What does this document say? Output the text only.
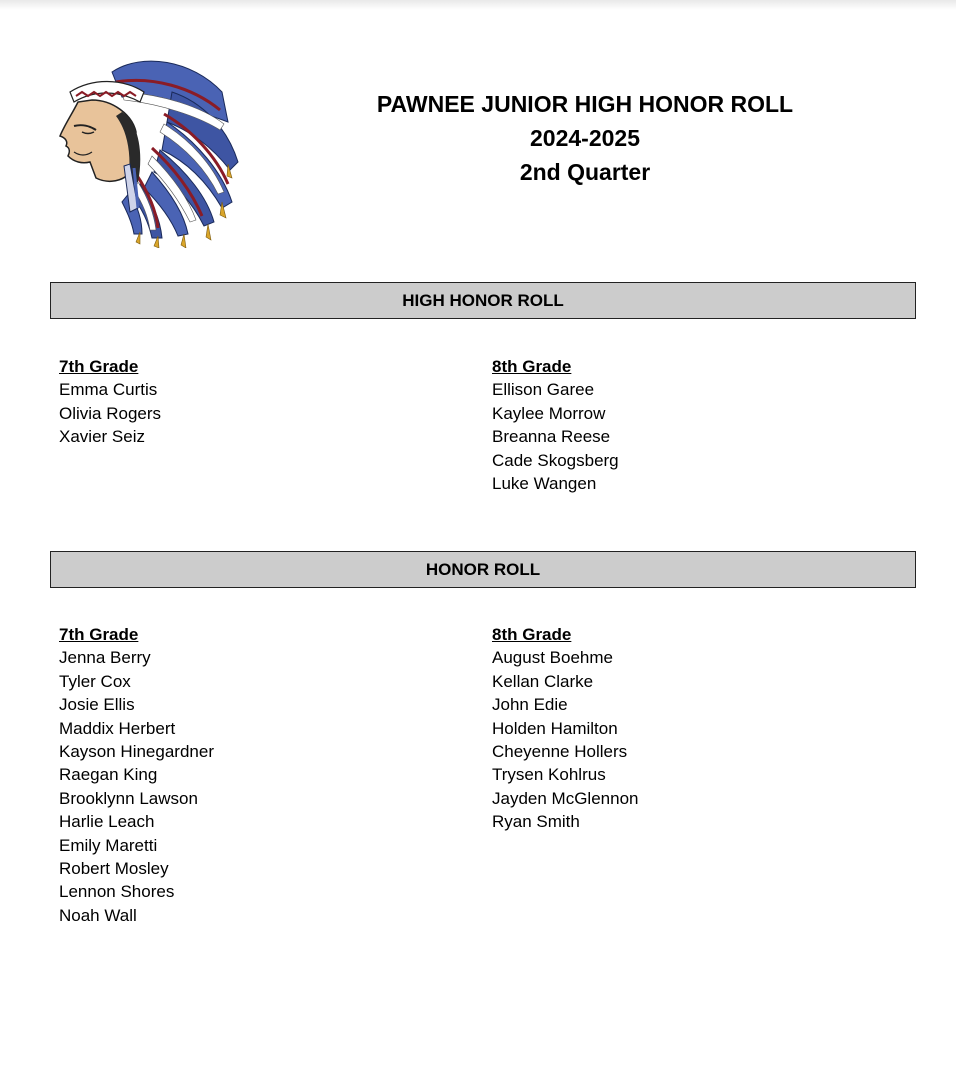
PAWNEE JUNIOR HIGH HONOR ROLL
2024-2025
2nd Quarter
HIGH HONOR ROLL
7th Grade
Emma Curtis
Olivia Rogers
Xavier Seiz
8th Grade
Ellison Garee
Kaylee Morrow
Breanna Reese
Cade Skogsberg
Luke Wangen
HONOR ROLL
7th Grade
Jenna Berry
Tyler Cox
Josie Ellis
Maddix Herbert
Kayson Hinegardner
Raegan King
Brooklynn Lawson
Harlie Leach
Emily Maretti
Robert Mosley
Lennon Shores
Noah Wall
8th Grade
August Boehme
Kellan Clarke
John Edie
Holden Hamilton
Cheyenne Hollers
Trysen Kohlrus
Jayden McGlennon
Ryan Smith
